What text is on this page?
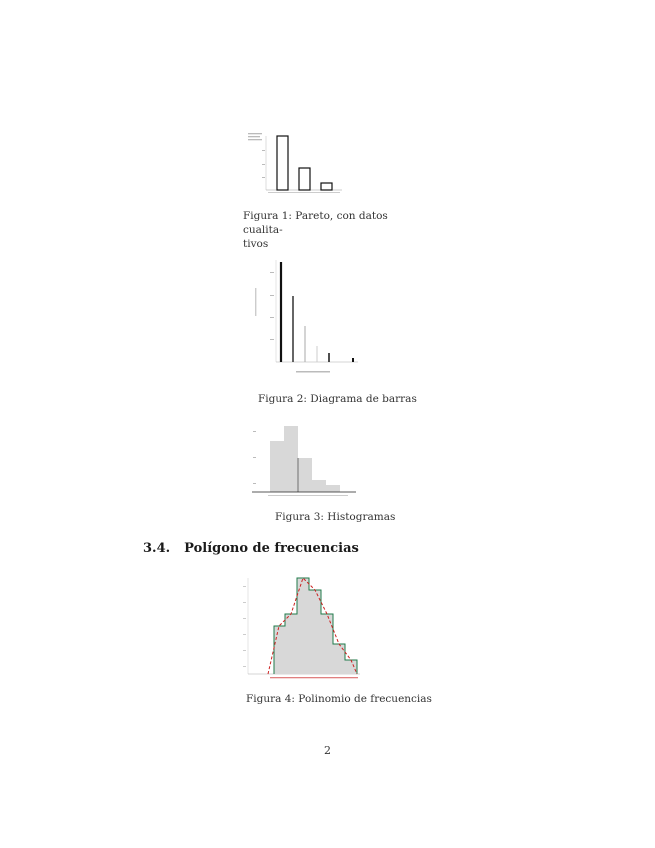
Figura 1: Pareto, con datos cualita-
tivos
Figura 2: Diagrama de barras
Figura 3: Histogramas
3.4. Polígono de frecuencias
Figura 4: Polinomio de frecuencias
2
